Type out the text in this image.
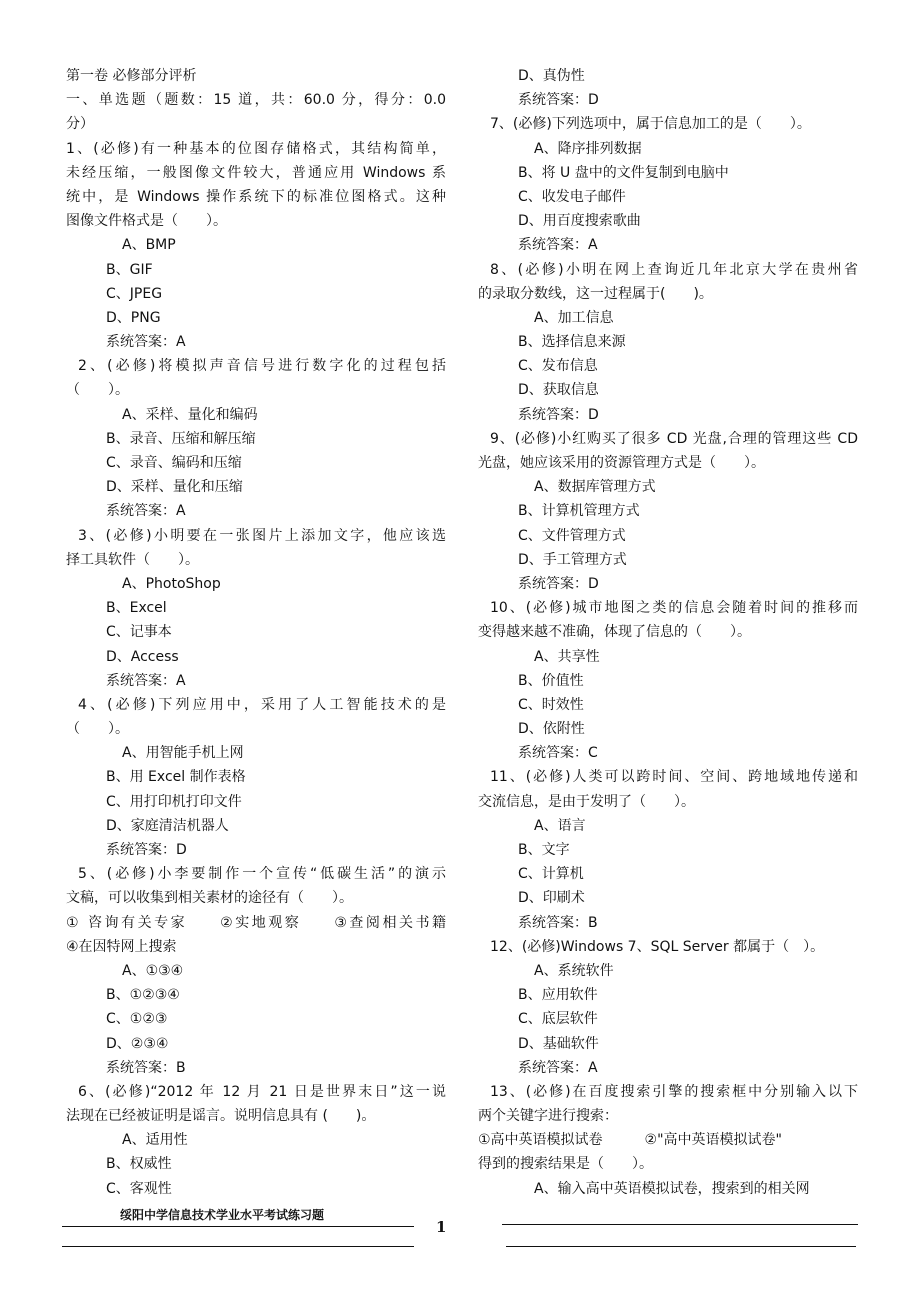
第一卷 必修部分评析
一、单选题（题数：15 道，共：60.0 分，得分：0.0
分）
1、(必修)有一种基本的位图存储格式，其结构简单，
未经压缩，一般图像文件较大，普通应用 Windows 系
统中，是 Windows 操作系统下的标准位图格式。这种
图像文件格式是（　　）。
A、BMP
B、GIF
C、JPEG
D、PNG
系统答案：A
2、(必修)将模拟声音信号进行数字化的过程包括
（　　）。
A、采样、量化和编码
B、录音、压缩和解压缩
C、录音、编码和压缩
D、采样、量化和压缩
系统答案：A
3、(必修)小明要在一张图片上添加文字，他应该选
择工具软件（　　）。
A、PhotoShop
B、Excel
C、记事本
D、Access
系统答案：A
4、(必修)下列应用中，采用了人工智能技术的是
（　　）。
A、用智能手机上网
B、用 Excel 制作表格
C、用打印机打印文件
D、家庭清洁机器人
系统答案：D
5、(必修)小李要制作一个宣传“低碳生活”的演示
文稿，可以收集到相关素材的途径有（　　）。
① 咨询有关专家　　②实地观察　　③查阅相关书籍
④在因特网上搜索
A、①③④
B、①②③④
C、①②③
D、②③④
系统答案：B
6、(必修)“2012 年 12 月 21 日是世界末日”这一说
法现在已经被证明是谣言。说明信息具有 (　　)。
A、适用性
B、权威性
C、客观性
D、真伪性
系统答案：D
7、(必修)下列选项中，属于信息加工的是（　　）。
A、降序排列数据
B、将 U 盘中的文件复制到电脑中
C、收发电子邮件
D、用百度搜索歌曲
系统答案：A
8、(必修)小明在网上查询近几年北京大学在贵州省
的录取分数线，这一过程属于(　　)。
A、加工信息
B、选择信息来源
C、发布信息
D、获取信息
系统答案：D
9、(必修)小红购买了很多 CD 光盘,合理的管理这些 CD
光盘，她应该采用的资源管理方式是（　　）。
A、数据库管理方式
B、计算机管理方式
C、文件管理方式
D、手工管理方式
系统答案：D
10、(必修)城市地图之类的信息会随着时间的推移而
变得越来越不准确，体现了信息的（　　）。
A、共享性
B、价值性
C、时效性
D、依附性
系统答案：C
11、(必修)人类可以跨时间、空间、跨地域地传递和
交流信息，是由于发明了（　　）。
A、语言
B、文字
C、计算机
D、印刷术
系统答案：B
12、(必修)Windows 7、SQL Server 都属于（　）。
A、系统软件
B、应用软件
C、底层软件
D、基础软件
系统答案：A
13、(必修)在百度搜索引擎的搜索框中分别输入以下
两个关键字进行搜索：
①高中英语模拟试卷　　　②"高中英语模拟试卷"
得到的搜索结果是（　　）。
A、输入高中英语模拟试卷，搜索到的相关网
绥阳中学信息技术学业水平考试练习题
1
